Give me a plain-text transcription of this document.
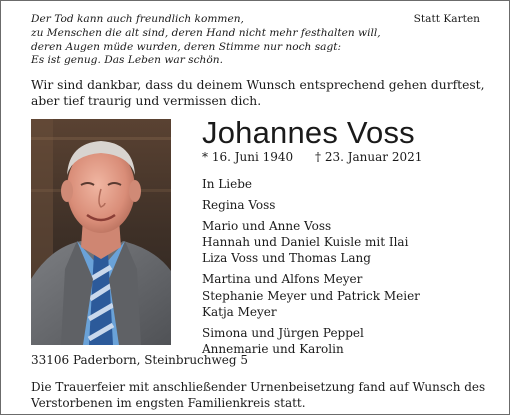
Der Tod kann auch freundlich kommen,
zu Menschen die alt sind, deren Hand nicht mehr festhalten will,
deren Augen müde wurden, deren Stimme nur noch sagt:
Es ist genug. Das Leben war schön.
Statt Karten
Wir sind dankbar, dass du deinem Wunsch entsprechend gehen durftest,
aber tief traurig und vermissen dich.
Johannes Voss
* 16. Juni 1940 † 23. Januar 2021
In Liebe
Regina Voss
Mario und Anne Voss
Hannah und Daniel Kuisle mit Ilai
Liza Voss und Thomas Lang
Martina und Alfons Meyer
Stephanie Meyer und Patrick Meier
Katja Meyer
Simona und Jürgen Peppel
Annemarie und Karolin
33106 Paderborn, Steinbruchweg 5
Die Trauerfeier mit anschließender Urnenbeisetzung fand auf Wunsch des
Verstorbenen im engsten Familienkreis statt.
